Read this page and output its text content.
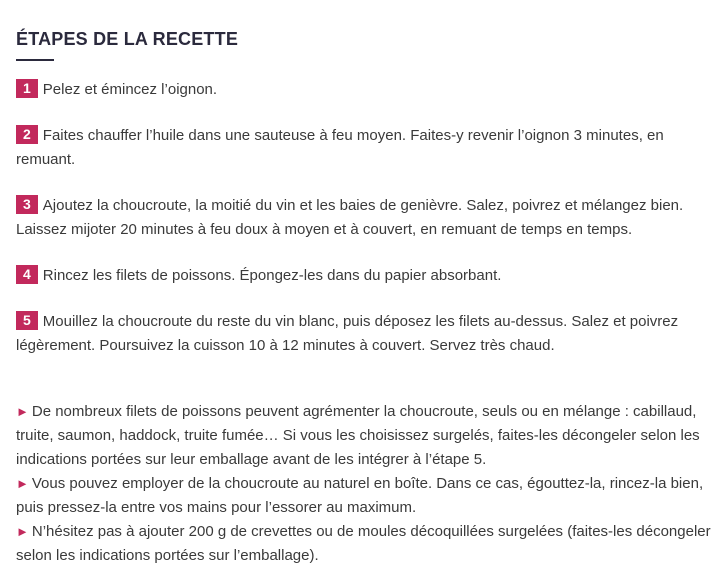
ÉTAPES DE LA RECETTE

1 Pelez et émincez l’oignon.

2 Faites chauffer l’huile dans une sauteuse à feu moyen. Faites-y revenir l’oignon 3 minutes, en remuant.

3 Ajoutez la choucroute, la moitié du vin et les baies de genièvre. Salez, poivrez et mélangez bien. Laissez mijoter 20 minutes à feu doux à moyen et à couvert, en remuant de temps en temps.

4 Rincez les filets de poissons. Épongez-les dans du papier absorbant.

5 Mouillez la choucroute du reste du vin blanc, puis déposez les filets au-dessus. Salez et poivrez légèrement. Poursuivez la cuisson 10 à 12 minutes à couvert. Servez très chaud.

► De nombreux filets de poissons peuvent agrémenter la choucroute, seuls ou en mélange : cabillaud, truite, saumon, haddock, truite fumée… Si vous les choisissez surgelés, faites-les décongeler selon les indications portées sur leur emballage avant de les intégrer à l’étape 5.

► Vous pouvez employer de la choucroute au naturel en boîte. Dans ce cas, égouttez-la, rincez-la bien, puis pressez-la entre vos mains pour l’essorer au maximum.

► N’hésitez pas à ajouter 200 g de crevettes ou de moules décoquillées surgelées (faites-les décongeler selon les indications portées sur l’emballage).
